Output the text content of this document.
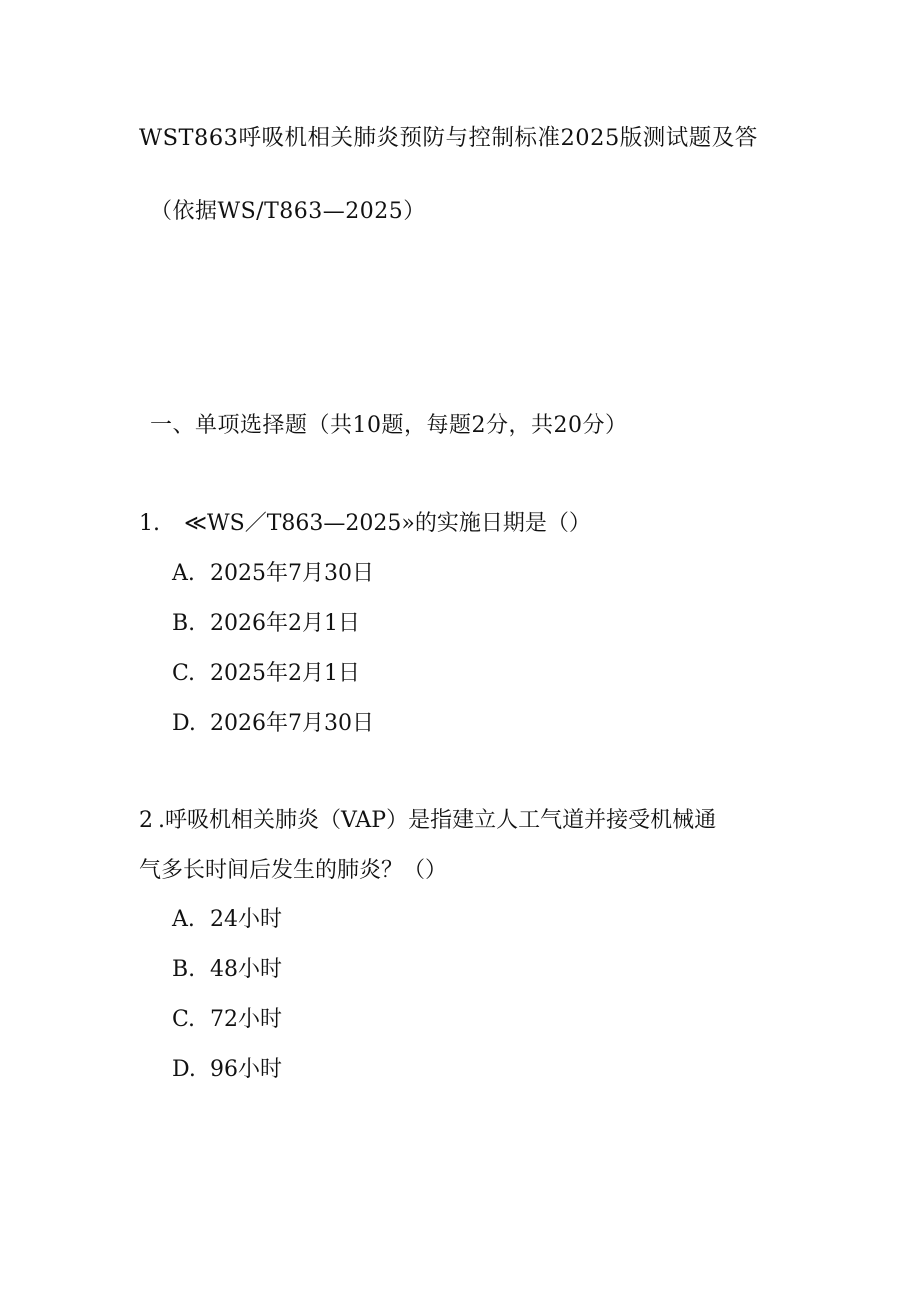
WST863呼吸机相关肺炎预防与控制标准2025版测试题及答
（依据WS/T863—2025）
一、单项选择题（共10题，每题2分，共20分）
1. ≪WS／T863—2025»的实施日期是（）
A. 2025年7月30日
B. 2026年2月1日
C. 2025年2月1日
D. 2026年7月30日
2 .呼吸机相关肺炎（VAP）是指建立人工气道并接受机械通
气多长时间后发生的肺炎？（）
A. 24小时
B. 48小时
C. 72小时
D. 96小时
